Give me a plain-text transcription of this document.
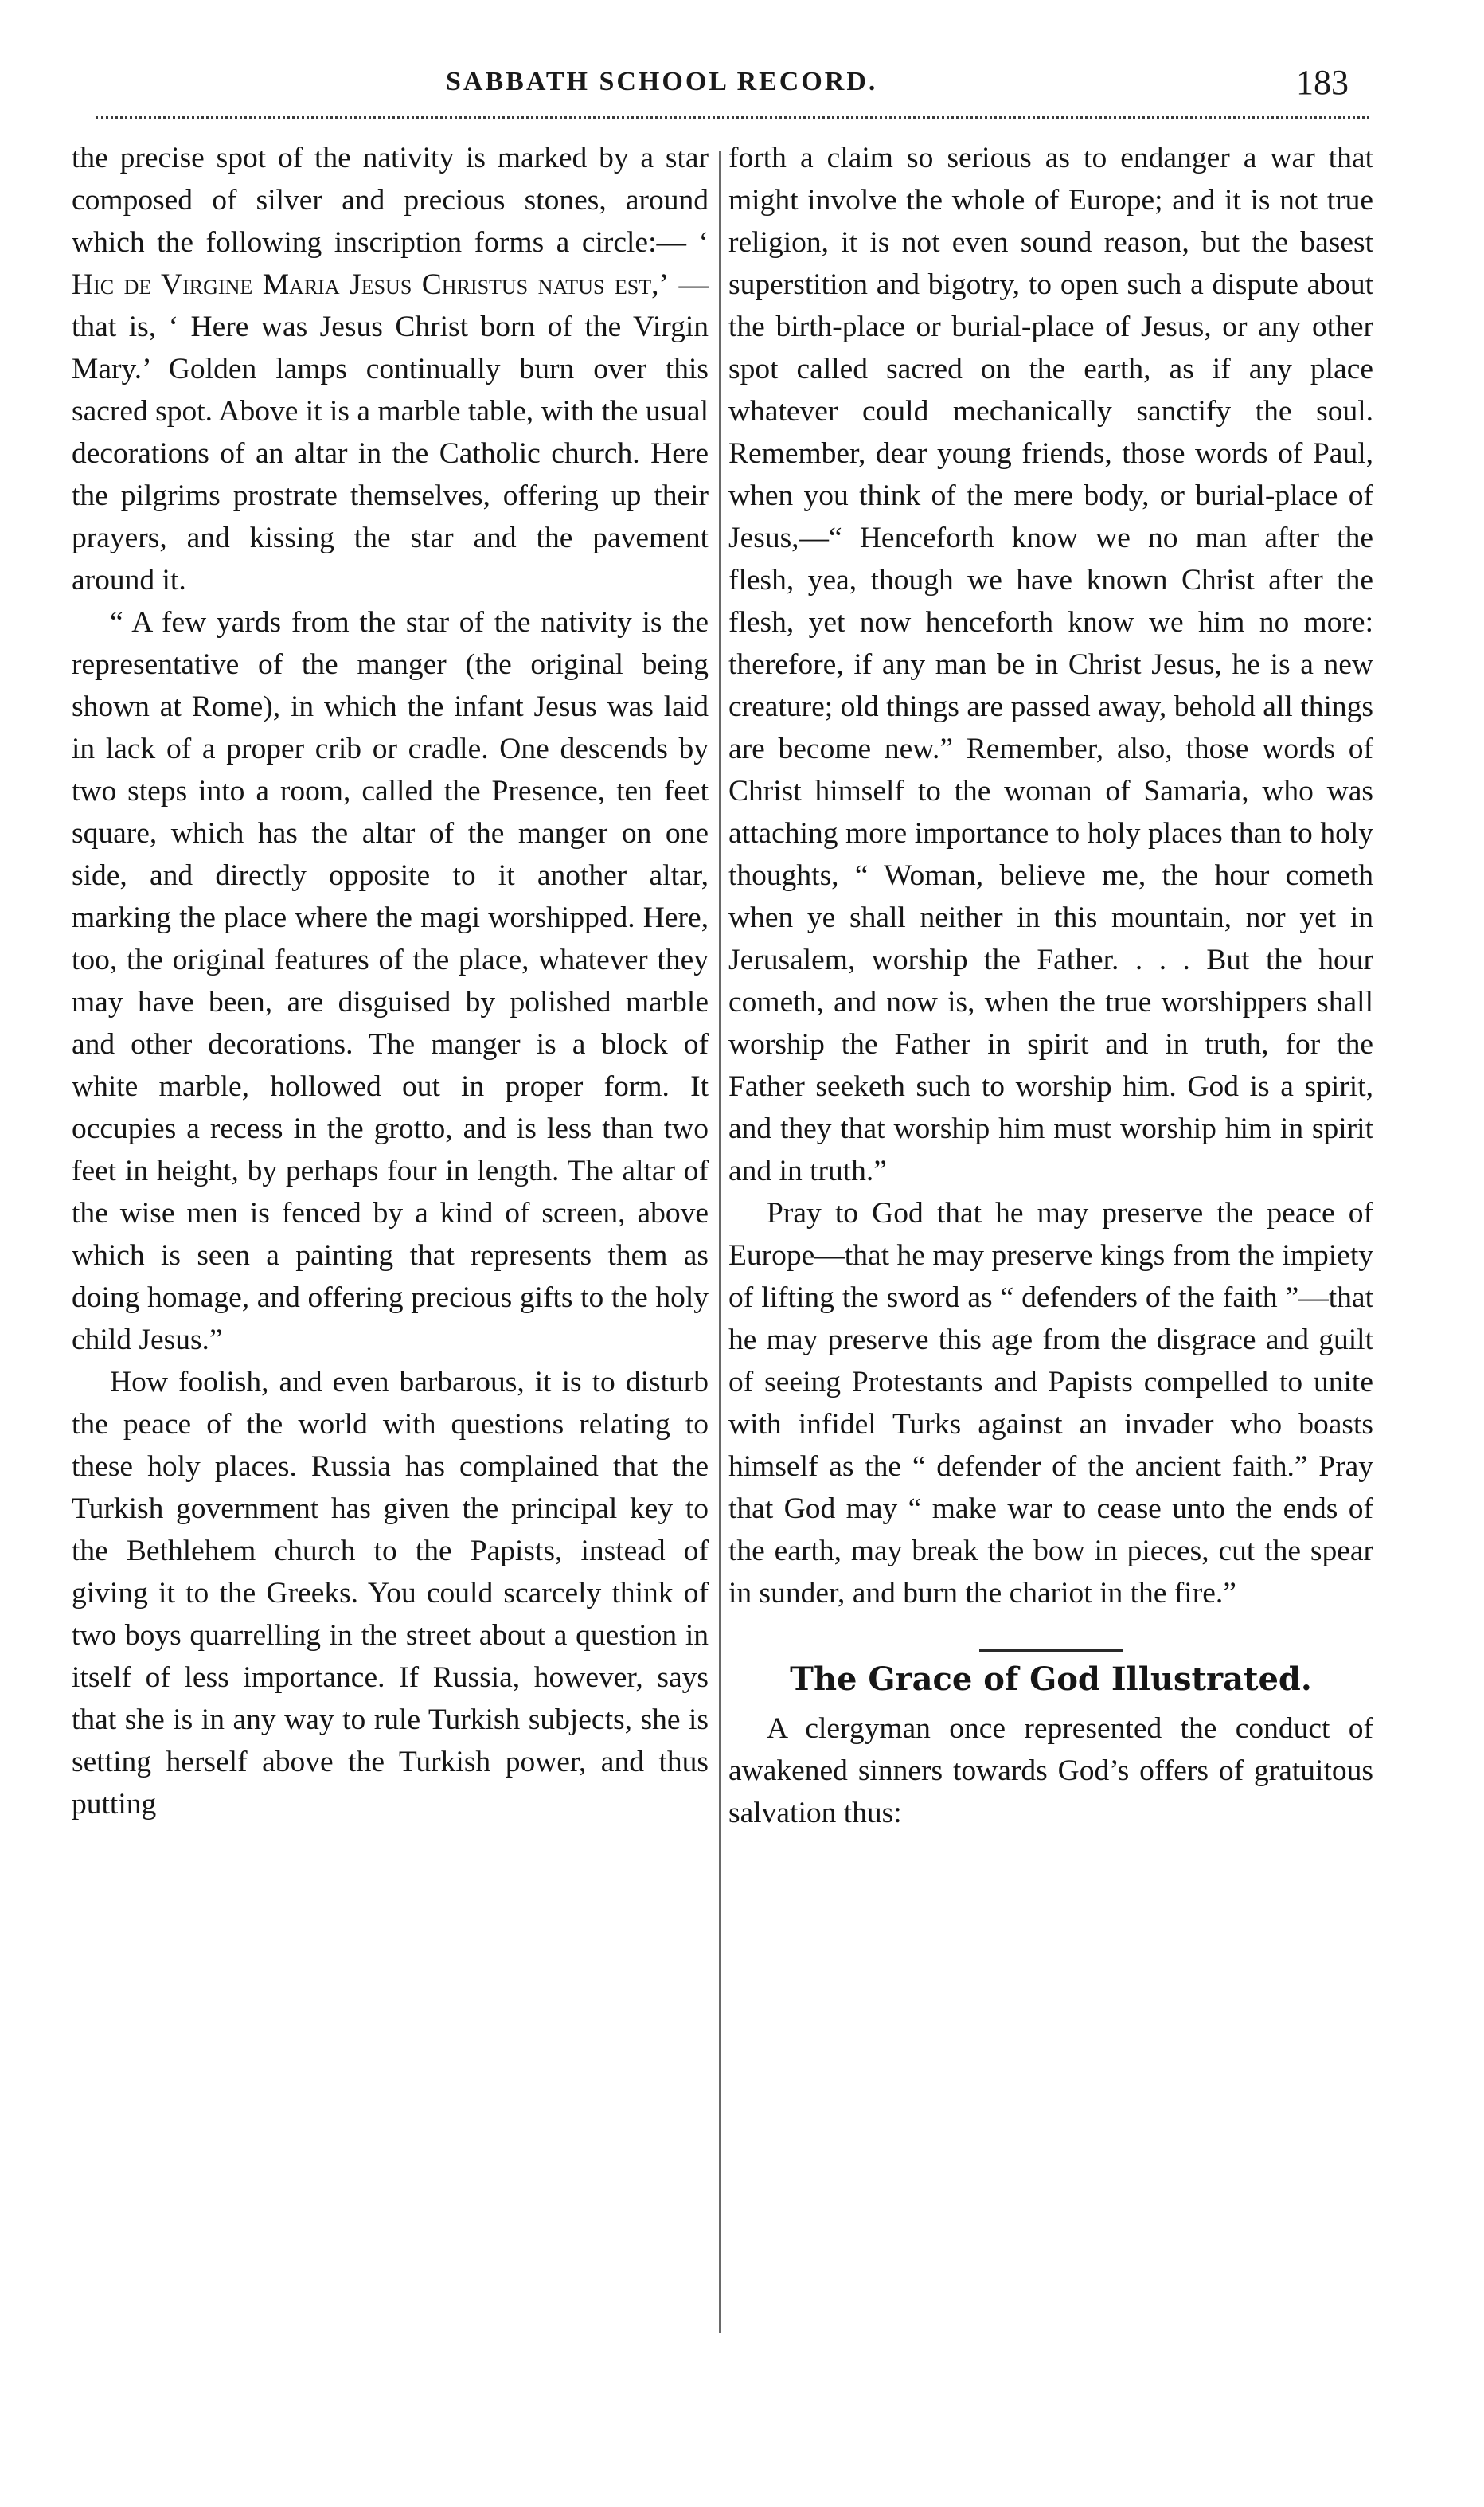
SABBATH SCHOOL RECORD.	183

the precise spot of the nativity is marked by a star composed of silver and precious stones, around which the following inscription forms a circle:— ‘ Hic de Virgine Maria Jesus Christus natus est,’ —that is, ‘ Here was Jesus Christ born of the Virgin Mary.’ Golden lamps continually burn over this sacred spot. Above it is a marble table, with the usual decorations of an altar in the Catholic church. Here the pilgrims prostrate themselves, offering up their prayers, and kissing the star and the pavement around it.

“ A few yards from the star of the nativity is the representative of the manger (the original being shown at Rome), in which the infant Jesus was laid in lack of a proper crib or cradle. One descends by two steps into a room, called the Presence, ten feet square, which has the altar of the manger on one side, and directly opposite to it another altar, marking the place where the magi worshipped. Here, too, the original features of the place, whatever they may have been, are disguised by polished marble and other decorations. The manger is a block of white marble, hollowed out in proper form. It occupies a recess in the grotto, and is less than two feet in height, by perhaps four in length. The altar of the wise men is fenced by a kind of screen, above which is seen a painting that represents them as doing homage, and offering precious gifts to the holy child Jesus.”

How foolish, and even barbarous, it is to disturb the peace of the world with questions relating to these holy places. Russia has complained that the Turkish government has given the principal key to the Bethlehem church to the Papists, instead of giving it to the Greeks. You could scarcely think of two boys quarrelling in the street about a question in itself of less importance. If Russia, however, says that she is in any way to rule Turkish subjects, she is setting herself above the Turkish power, and thus putting

forth a claim so serious as to endanger a war that might involve the whole of Europe; and it is not true religion, it is not even sound reason, but the basest superstition and bigotry, to open such a dispute about the birth-place or burial-place of Jesus, or any other spot called sacred on the earth, as if any place whatever could mechanically sanctify the soul. Remember, dear young friends, those words of Paul, when you think of the mere body, or burial-place of Jesus,—“ Henceforth know we no man after the flesh, yea, though we have known Christ after the flesh, yet now henceforth know we him no more: therefore, if any man be in Christ Jesus, he is a new creature; old things are passed away, behold all things are become new.” Remember, also, those words of Christ himself to the woman of Samaria, who was attaching more importance to holy places than to holy thoughts, “ Woman, believe me, the hour cometh when ye shall neither in this mountain, nor yet in Jerusalem, worship the Father. . . . But the hour cometh, and now is, when the true worshippers shall worship the Father in spirit and in truth, for the Father seeketh such to worship him. God is a spirit, and they that worship him must worship him in spirit and in truth.”

Pray to God that he may preserve the peace of Europe—that he may preserve kings from the impiety of lifting the sword as “ defenders of the faith ”—that he may preserve this age from the disgrace and guilt of seeing Protestants and Papists compelled to unite with infidel Turks against an invader who boasts himself as the “ defender of the ancient faith.” Pray that God may “ make war to cease unto the ends of the earth, may break the bow in pieces, cut the spear in sunder, and burn the chariot in the fire.”

The Grace of God Illustrated.

A clergyman once represented the conduct of awakened sinners towards God’s offers of gratuitous salvation thus:
